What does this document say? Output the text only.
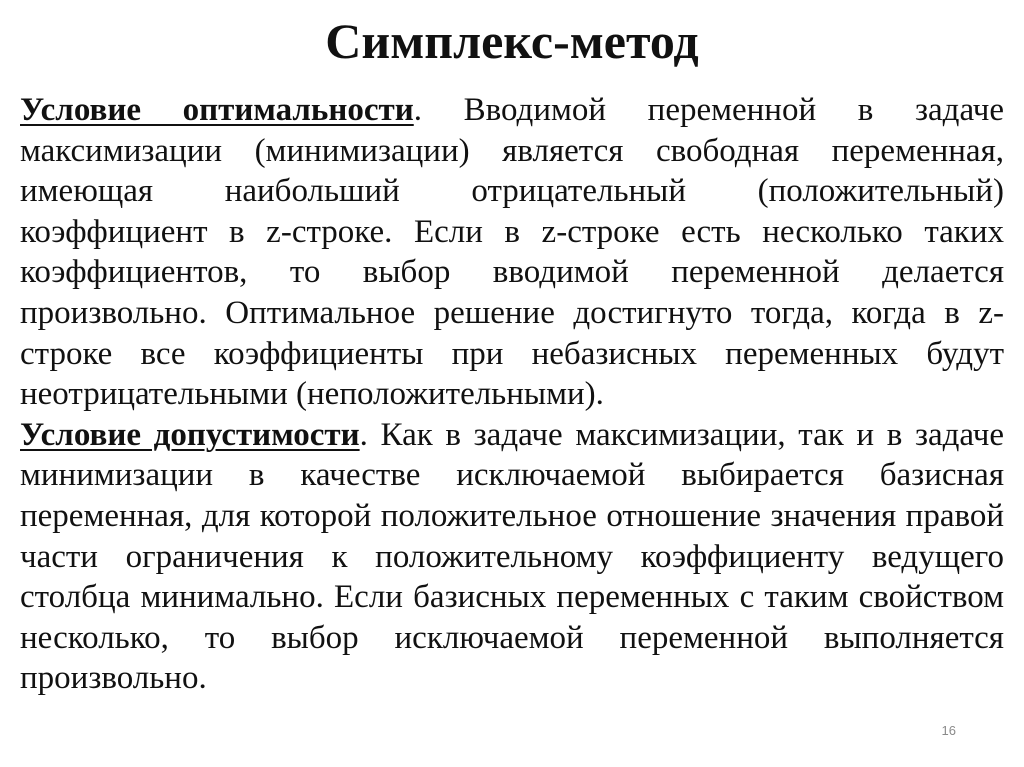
Симплекс-метод

Условие оптимальности. Вводимой переменной в задаче максимизации (минимизации) является свободная переменная, имеющая наибольший отрицательный (положительный) коэффициент в z-строке. Если в z-строке есть несколько таких коэффициентов, то выбор вводимой переменной делается произвольно. Оптимальное решение достигнуто тогда, когда в z-строке все коэффициенты при небазисных переменных будут неотрицательными (неположительными).

Условие допустимости. Как в задаче максимизации, так и в задаче минимизации в качестве исключаемой выбирается базисная переменная, для которой положительное отношение значения правой части ограничения к положительному коэффициенту ведущего столбца минимально. Если базисных переменных с таким свойством несколько, то выбор исключаемой переменной выполняется произвольно.

16
